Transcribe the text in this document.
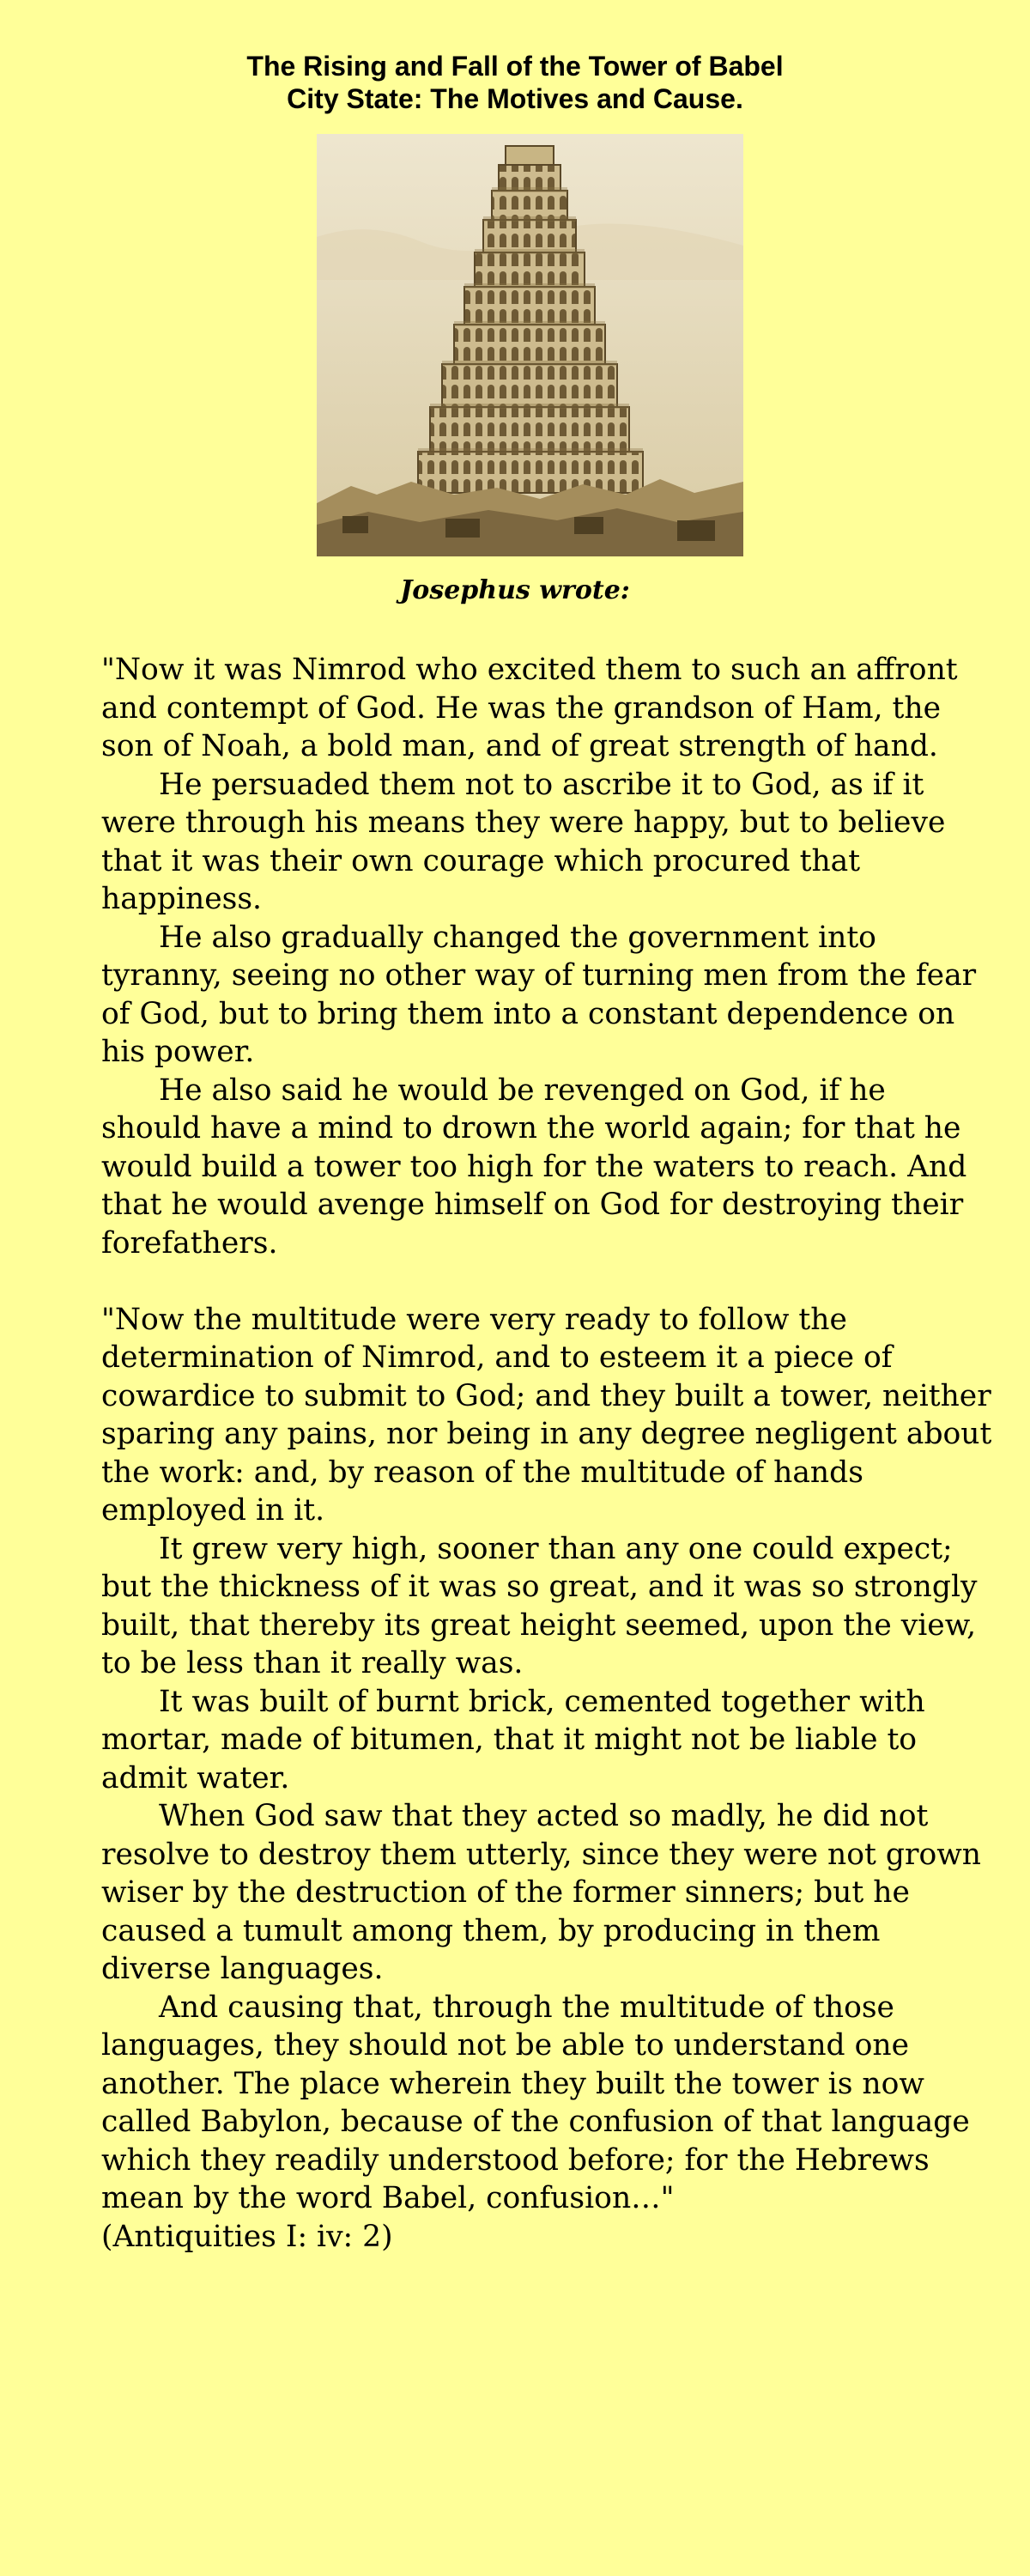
The Rising and Fall of the Tower of Babel
City State: The Motives and Cause.
Josephus wrote:

"Now it was Nimrod who excited them to such an affront and contempt of God. He was the grandson of Ham, the son of Noah, a bold man, and of great strength of hand.

He persuaded them not to ascribe it to God, as if it were through his means they were happy, but to believe that it was their own courage which procured that happiness.

He also gradually changed the government into tyranny, seeing no other way of turning men from the fear of God, but to bring them into a constant dependence on his power.

He also said he would be revenged on God, if he should have a mind to drown the world again; for that he would build a tower too high for the waters to reach. And that he would avenge himself on God for destroying their forefathers.

"Now the multitude were very ready to follow the determination of Nimrod, and to esteem it a piece of cowardice to submit to God; and they built a tower, neither sparing any pains, nor being in any degree negligent about the work: and, by reason of the multitude of hands employed in it.

It grew very high, sooner than any one could expect; but the thickness of it was so great, and it was so strongly built, that thereby its great height seemed, upon the view, to be less than it really was.

It was built of burnt brick, cemented together with mortar, made of bitumen, that it might not be liable to admit water.

When God saw that they acted so madly, he did not resolve to destroy them utterly, since they were not grown wiser by the destruction of the former sinners; but he caused a tumult among them, by producing in them diverse languages.

And causing that, through the multitude of those languages, they should not be able to understand one another. The place wherein they built the tower is now called Babylon, because of the confusion of that language which they readily understood before; for the Hebrews mean by the word Babel, confusion…"

(Antiquities I: iv: 2)
